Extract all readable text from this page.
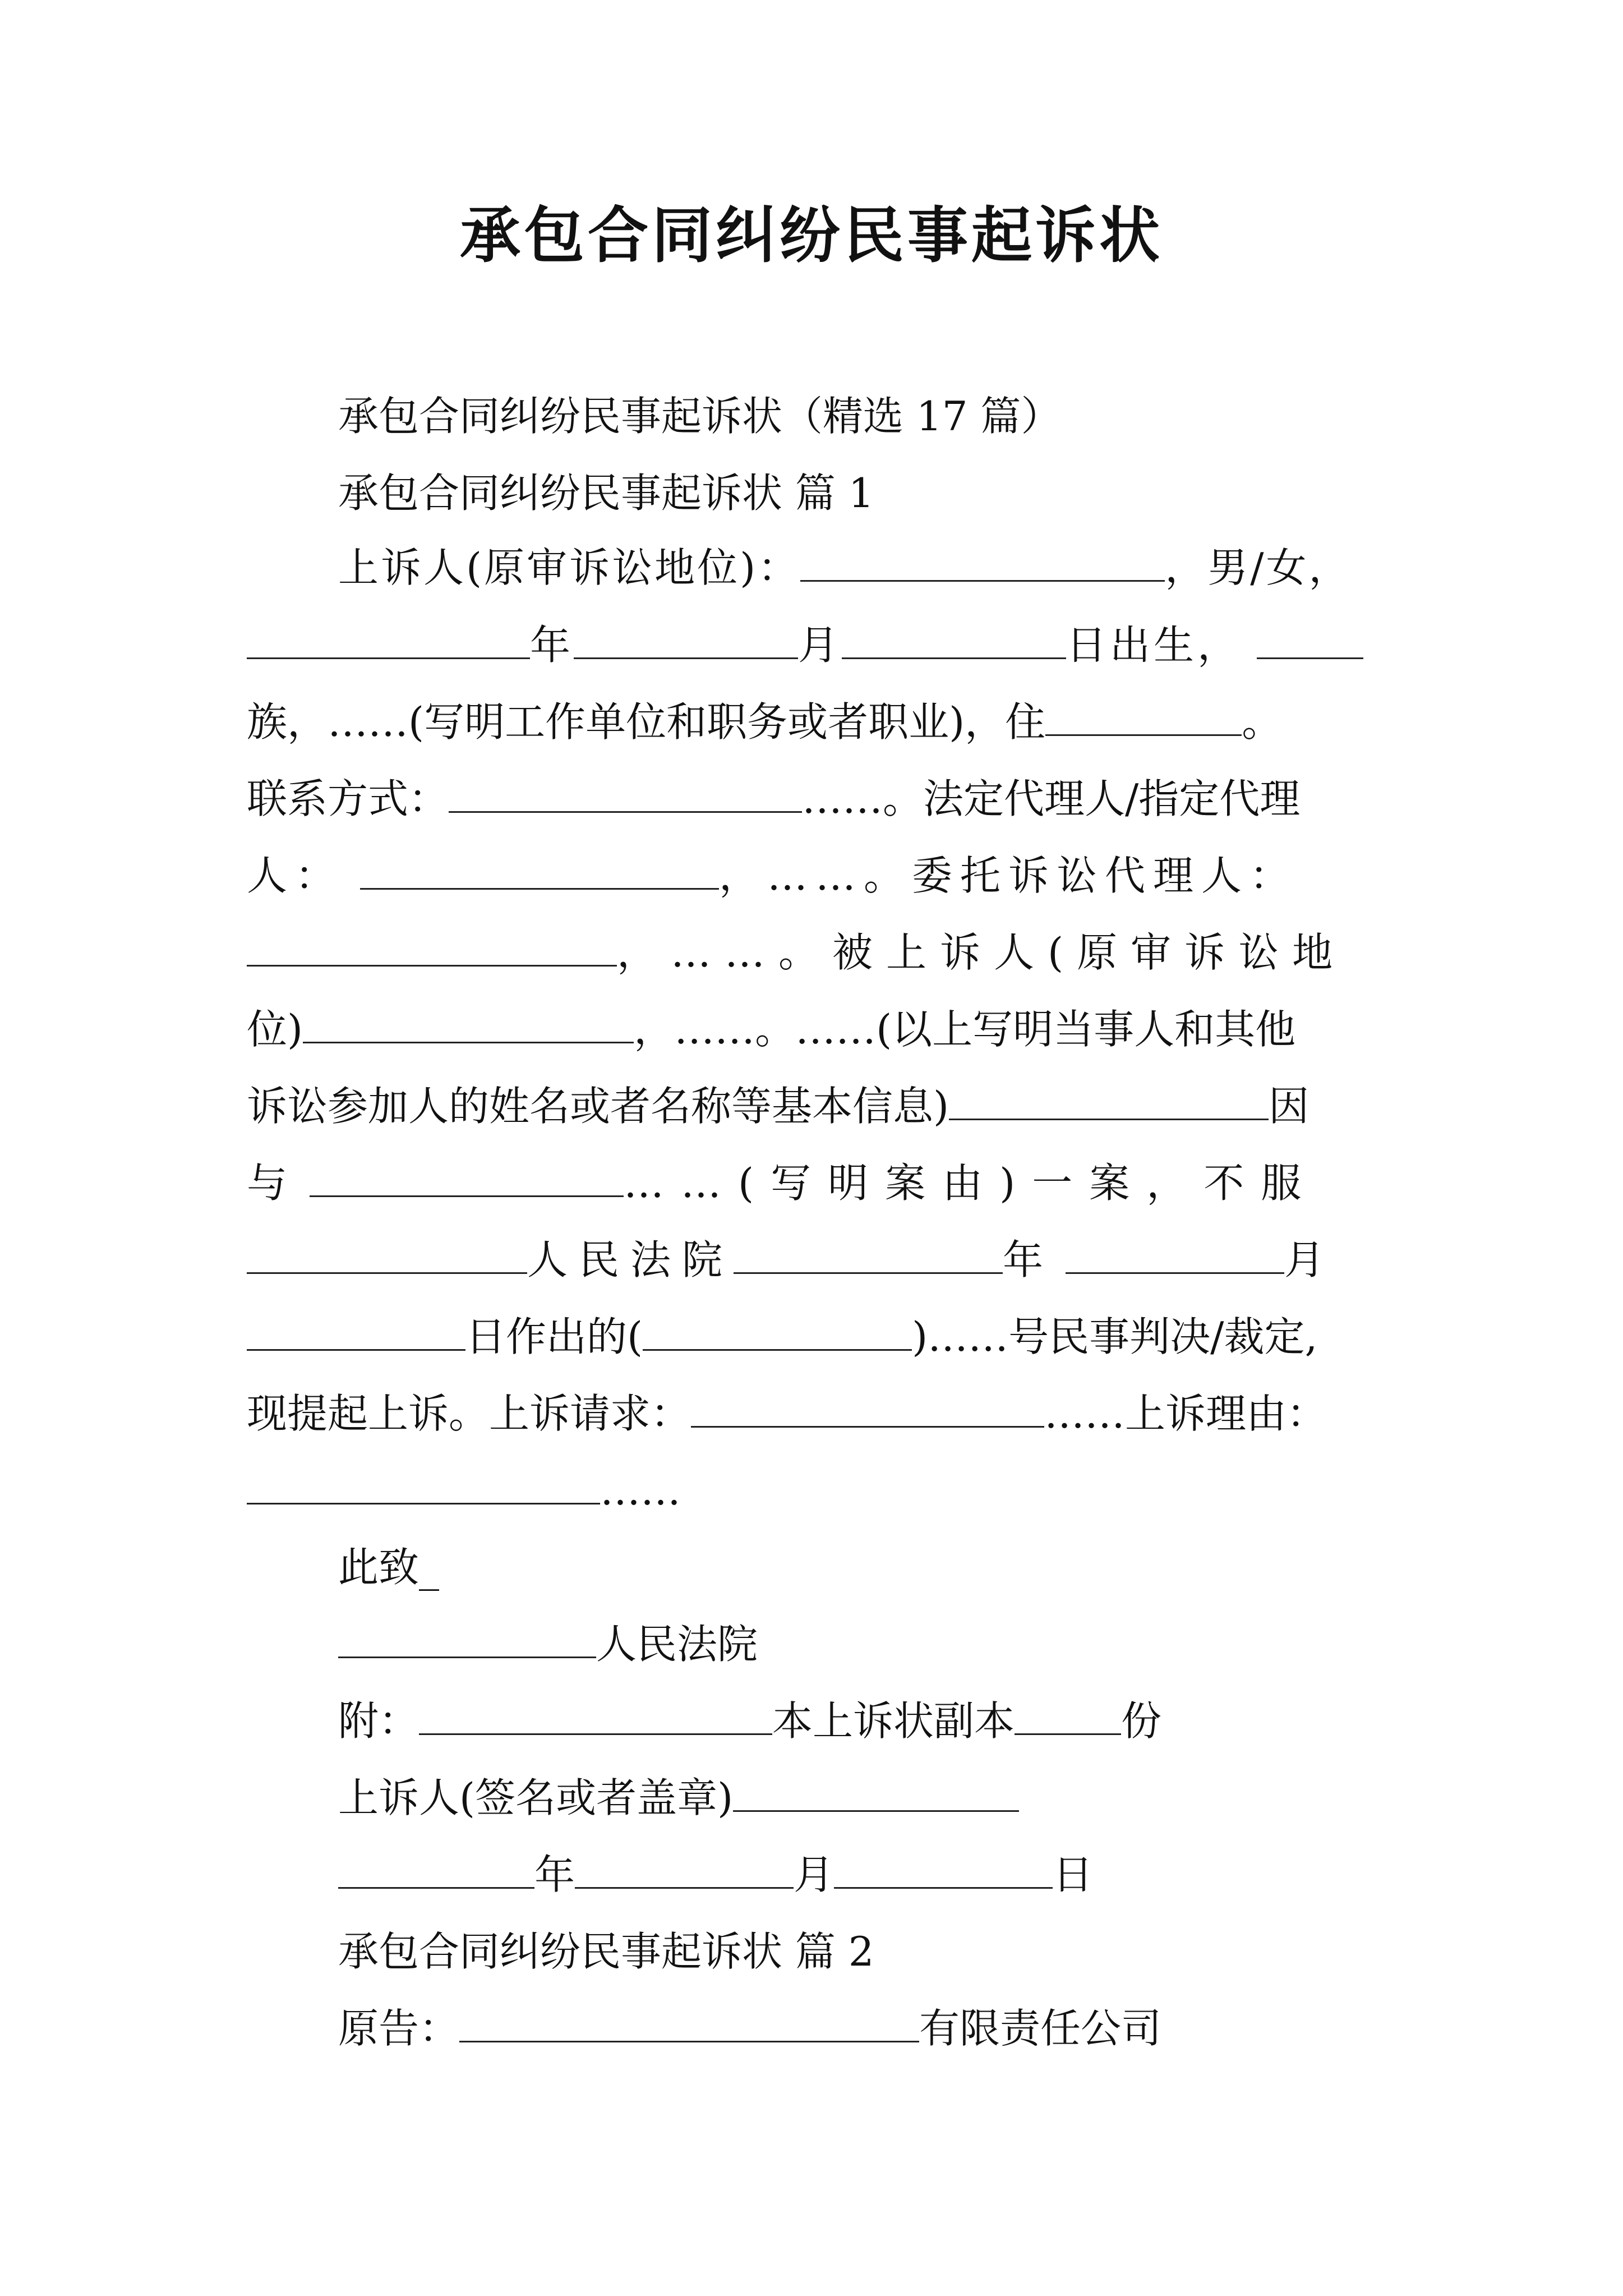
承包合同纠纷民事起诉状
承包合同纠纷民事起诉状（精选 17 篇）
承包合同纠纷民事起诉状 篇 1
上诉人(原审诉讼地位)：	，男/女，
年	月	日出生，
族，……(写明工作单位和职务或者职业)，住	。
联系方式：	……。法定代理人/指定代理
人：	，……。委托诉讼代理人：
，……。被上诉人(原审诉讼地
位)	，……。……(以上写明当事人和其他
诉讼参加人的姓名或者名称等基本信息)	因
与	……(写明案由)一案，不服
人民法院	年	月
日作出的(	)……号民事判决/裁定,
现提起上诉。上诉请求：	……上诉理由：
……
此致_
人民法院
附：	本上诉状副本	份
上诉人(签名或者盖章)
年	月	日
承包合同纠纷民事起诉状 篇 2
原告：	有限责任公司
